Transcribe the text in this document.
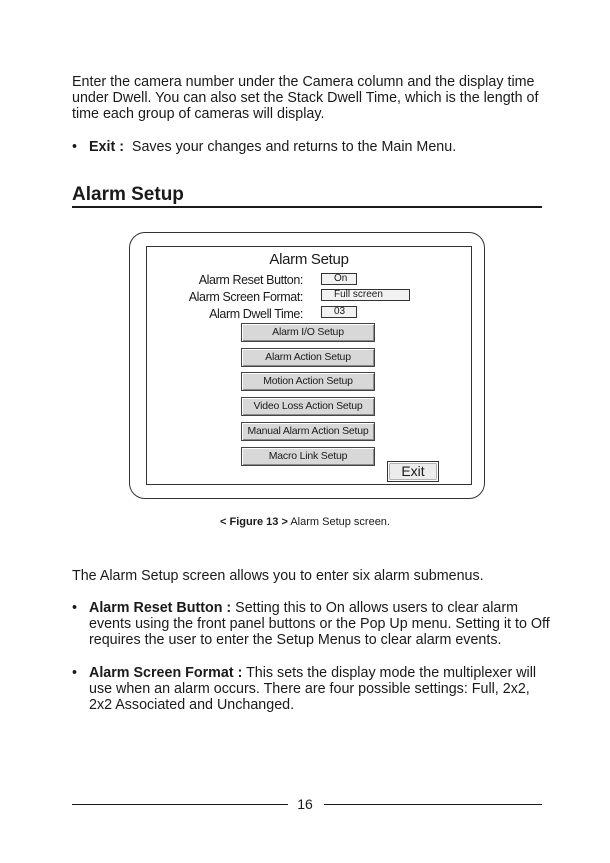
Enter the camera number under the Camera column and the display time under Dwell. You can also set the Stack Dwell Time, which is the length of time each group of cameras will display.

• Exit : Saves your changes and returns to the Main Menu.
Alarm Setup
Alarm Setup
Alarm Reset Button:	On
Alarm Screen Format:	Full screen
Alarm Dwell Time:	03
Alarm I/O Setup
Alarm Action Setup
Motion Action Setup
Video Loss Action Setup
Manual Alarm Action Setup
Macro Link Setup
Exit
< Figure 13 > Alarm Setup screen.

The Alarm Setup screen allows you to enter six alarm submenus.

• Alarm Reset Button : Setting this to On allows users to clear alarm events using the front panel buttons or the Pop Up menu. Setting it to Off requires the user to enter the Setup Menus to clear alarm events.
• Alarm Screen Format : This sets the display mode the multiplexer will use when an alarm occurs. There are four possible settings: Full, 2x2, 2x2 Associated and Unchanged.
16
